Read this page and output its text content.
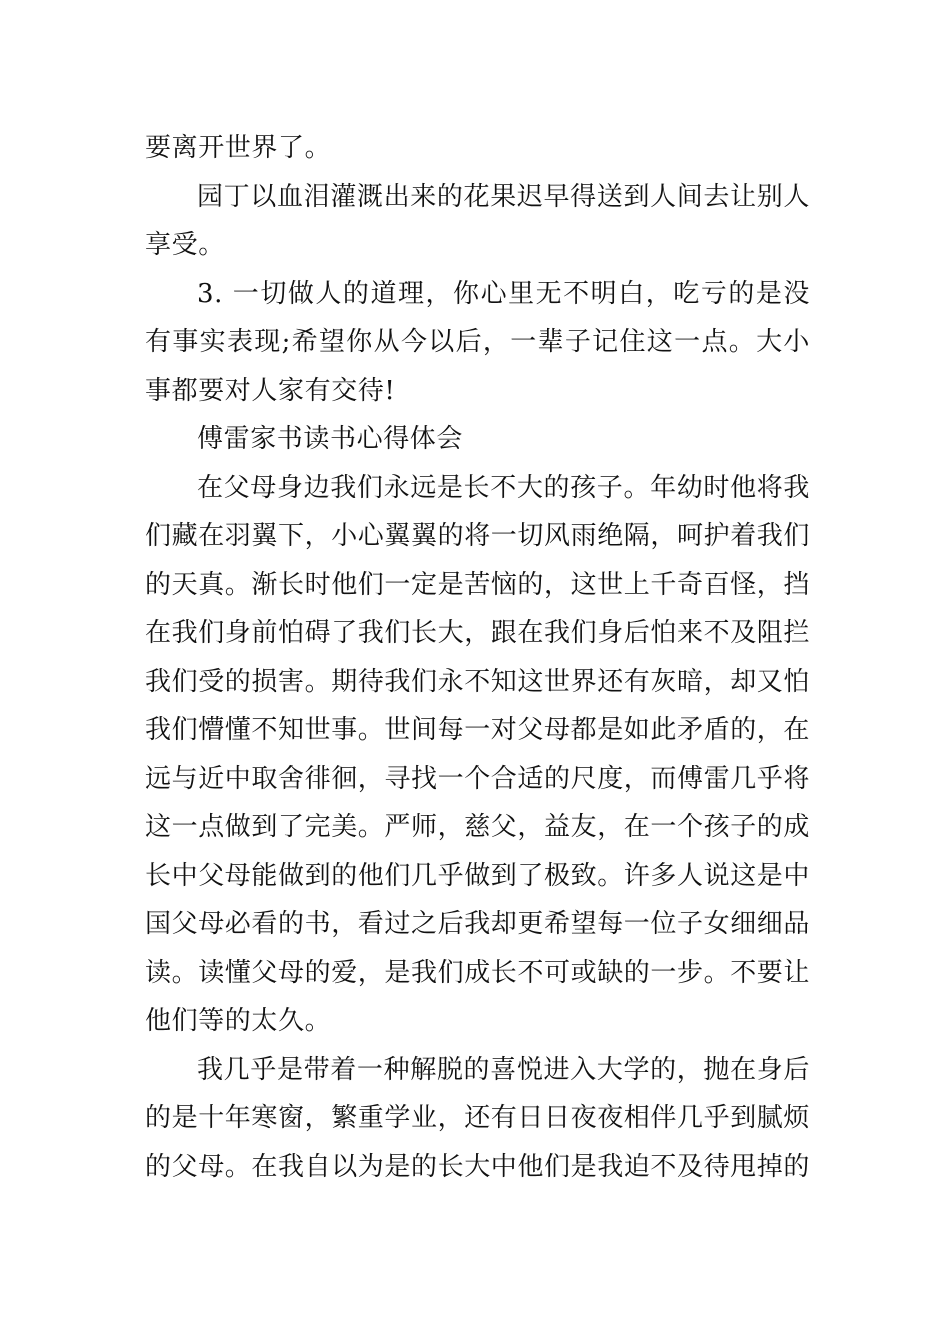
要离开世界了。

园丁以血泪灌溉出来的花果迟早得送到人间去让别人享受。

3. 一切做人的道理，你心里无不明白，吃亏的是没有事实表现;希望你从今以后，一辈子记住这一点。大小事都要对人家有交待!

傅雷家书读书心得体会

在父母身边我们永远是长不大的孩子。年幼时他将我们藏在羽翼下，小心翼翼的将一切风雨绝隔，呵护着我们的天真。渐长时他们一定是苦恼的，这世上千奇百怪，挡在我们身前怕碍了我们长大，跟在我们身后怕来不及阻拦我们受的损害。期待我们永不知这世界还有灰暗，却又怕我们懵懂不知世事。世间每一对父母都是如此矛盾的，在远与近中取舍徘徊，寻找一个合适的尺度，而傅雷几乎将这一点做到了完美。严师，慈父，益友，在一个孩子的成长中父母能做到的他们几乎做到了极致。许多人说这是中国父母必看的书，看过之后我却更希望每一位子女细细品读。读懂父母的爱，是我们成长不可或缺的一步。不要让他们等的太久。

我几乎是带着一种解脱的喜悦进入大学的，抛在身后的是十年寒窗，繁重学业，还有日日夜夜相伴几乎到腻烦的父母。在我自以为是的长大中他们是我迫不及待甩掉的
